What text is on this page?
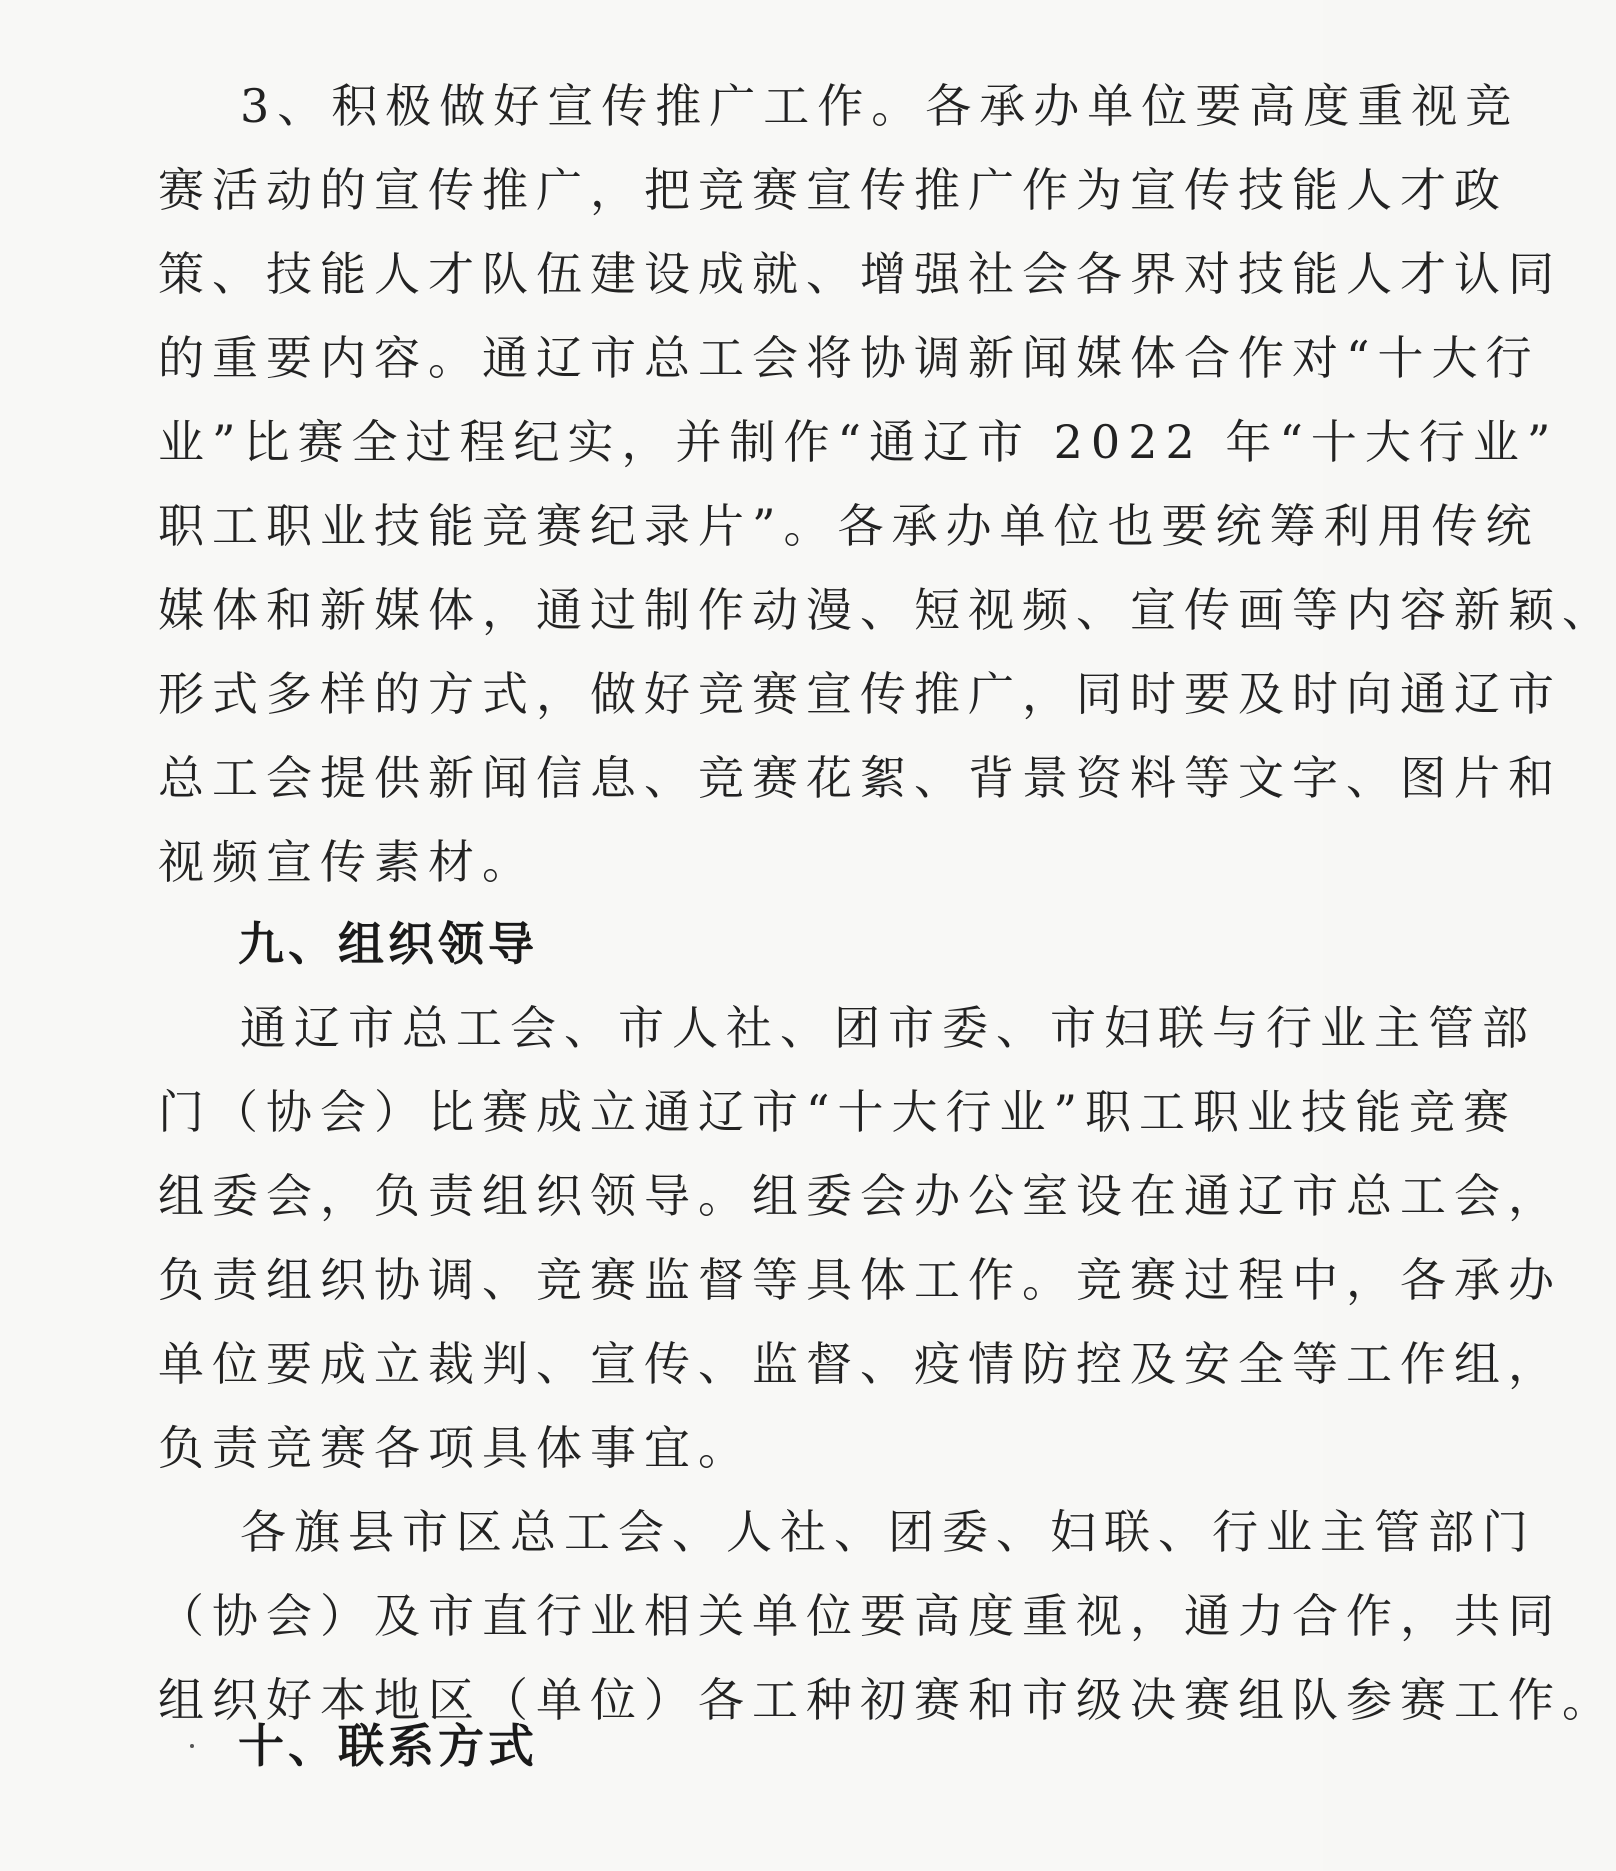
3、积极做好宣传推广工作。各承办单位要高度重视竞
赛活动的宣传推广，把竞赛宣传推广作为宣传技能人才政
策、技能人才队伍建设成就、增强社会各界对技能人才认同
的重要内容。通辽市总工会将协调新闻媒体合作对“十大行
业”比赛全过程纪实，并制作“通辽市 2022 年“十大行业”
职工职业技能竞赛纪录片”。各承办单位也要统筹利用传统
媒体和新媒体，通过制作动漫、短视频、宣传画等内容新颖、
形式多样的方式，做好竞赛宣传推广，同时要及时向通辽市
总工会提供新闻信息、竞赛花絮、背景资料等文字、图片和
视频宣传素材。
九、组织领导
通辽市总工会、市人社、团市委、市妇联与行业主管部
门（协会）比赛成立通辽市“十大行业”职工职业技能竞赛
组委会，负责组织领导。组委会办公室设在通辽市总工会，
负责组织协调、竞赛监督等具体工作。竞赛过程中，各承办
单位要成立裁判、宣传、监督、疫情防控及安全等工作组，
负责竞赛各项具体事宜。
各旗县市区总工会、人社、团委、妇联、行业主管部门
（协会）及市直行业相关单位要高度重视，通力合作，共同
组织好本地区（单位）各工种初赛和市级决赛组队参赛工作。
十、联系方式
